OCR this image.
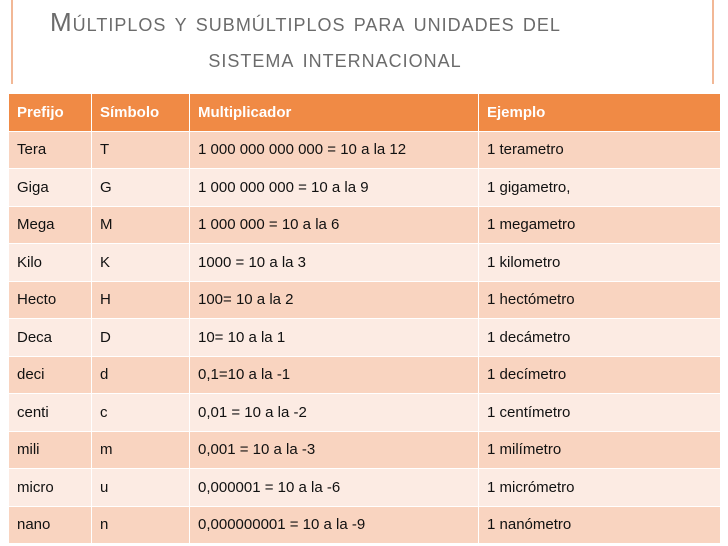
Múltiplos y submúltiplos para unidades del
sistema internacional
Prefijo	Símbolo	Multiplicador	Ejemplo
Tera	T	1 000 000 000 000 = 10 a la 12	1 terametro
Giga	G	1 000 000 000 = 10 a la 9	1 gigametro,
Mega	M	1 000 000 = 10 a la 6	1 megametro
Kilo	K	1000 = 10 a la 3	1 kilometro
Hecto	H	100= 10 a la 2	1 hectómetro
Deca	D	10= 10 a la 1	1 decámetro
deci	d	0,1=10 a la -1	1 decímetro
centi	c	0,01 = 10 a la -2	1 centímetro
mili	m	0,001 = 10 a la -3	1 milímetro
micro	u	0,000001 = 10 a la -6	1 micrómetro
nano	n	0,000000001 = 10 a la -9	1 nanómetro
